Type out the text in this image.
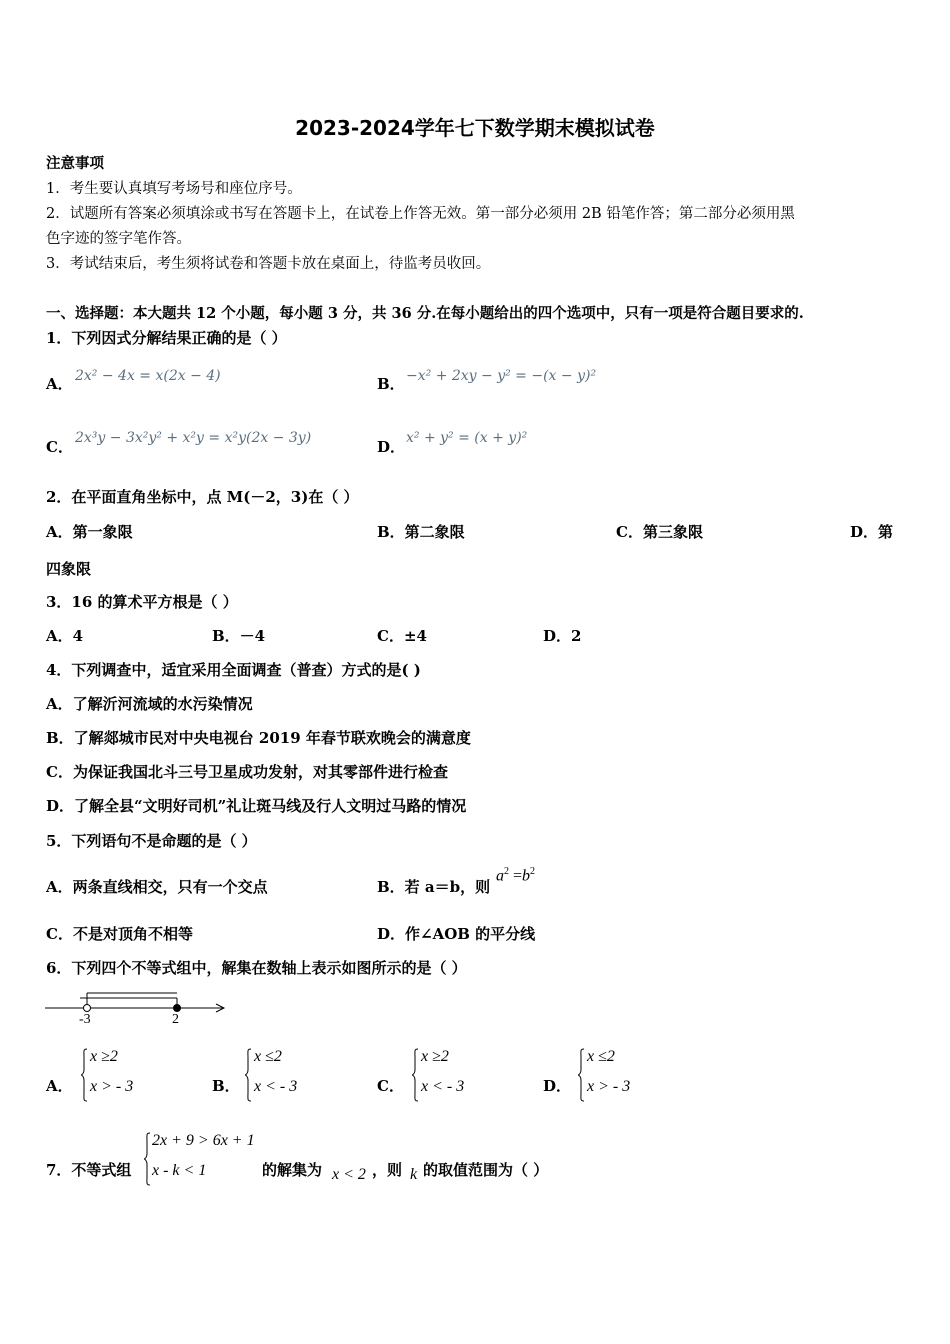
2023-2024学年七下数学期末模拟试卷
注意事项
1．考生要认真填写考场号和座位序号。
2．试题所有答案必须填涂或书写在答题卡上，在试卷上作答无效。第一部分必须用 2B 铅笔作答；第二部分必须用黑
色字迹的签字笔作答。
3．考试结束后，考生须将试卷和答题卡放在桌面上，待监考员收回。
一、选择题：本大题共 12 个小题，每小题 3 分，共 36 分.在每小题给出的四个选项中，只有一项是符合题目要求的.
1．下列因式分解结果正确的是（ ）
A． 2x² − 4x = x(2x − 4)	B． −x² + 2xy − y² = −(x − y)²
C． 2x³y − 3x²y² + x²y = x²y(2x − 3y)	D． x² + y² = (x + y)²
2．在平面直角坐标中，点 M(－2，3)在（ ）
A．第一象限	B．第二象限	C．第三象限	D．第
四象限
3．16 的算术平方根是（ ）
A．4	B．－4	C．±4	D．2
4．下列调查中，适宜采用全面调查（普查）方式的是( )
A．了解沂河流域的水污染情况
B．了解郯城市民对中央电视台 2019 年春节联欢晚会的满意度
C．为保证我国北斗三号卫星成功发射，对其零部件进行检查
D．了解全县“文明好司机”礼让斑马线及行人文明过马路的情况
5．下列语句不是命题的是（ ）
A．两条直线相交，只有一个交点	B．若 a＝b，则
$a^2 =b^2$
C．不是对顶角不相等	D．作∠AOB 的平分线
6．下列四个不等式组中，解集在数轴上表示如图所示的是（ ）
-3	2
A．
x ≥2
x > - 3	B．
x ≤2
x < - 3	C．
x ≥2
x < - 3	D．
x ≤2
x > - 3
7．不等式组
2x + 9 > 6x + 1
x - k < 1	的解集为 x < 2 ，则 k 的取值范围为（ ）
